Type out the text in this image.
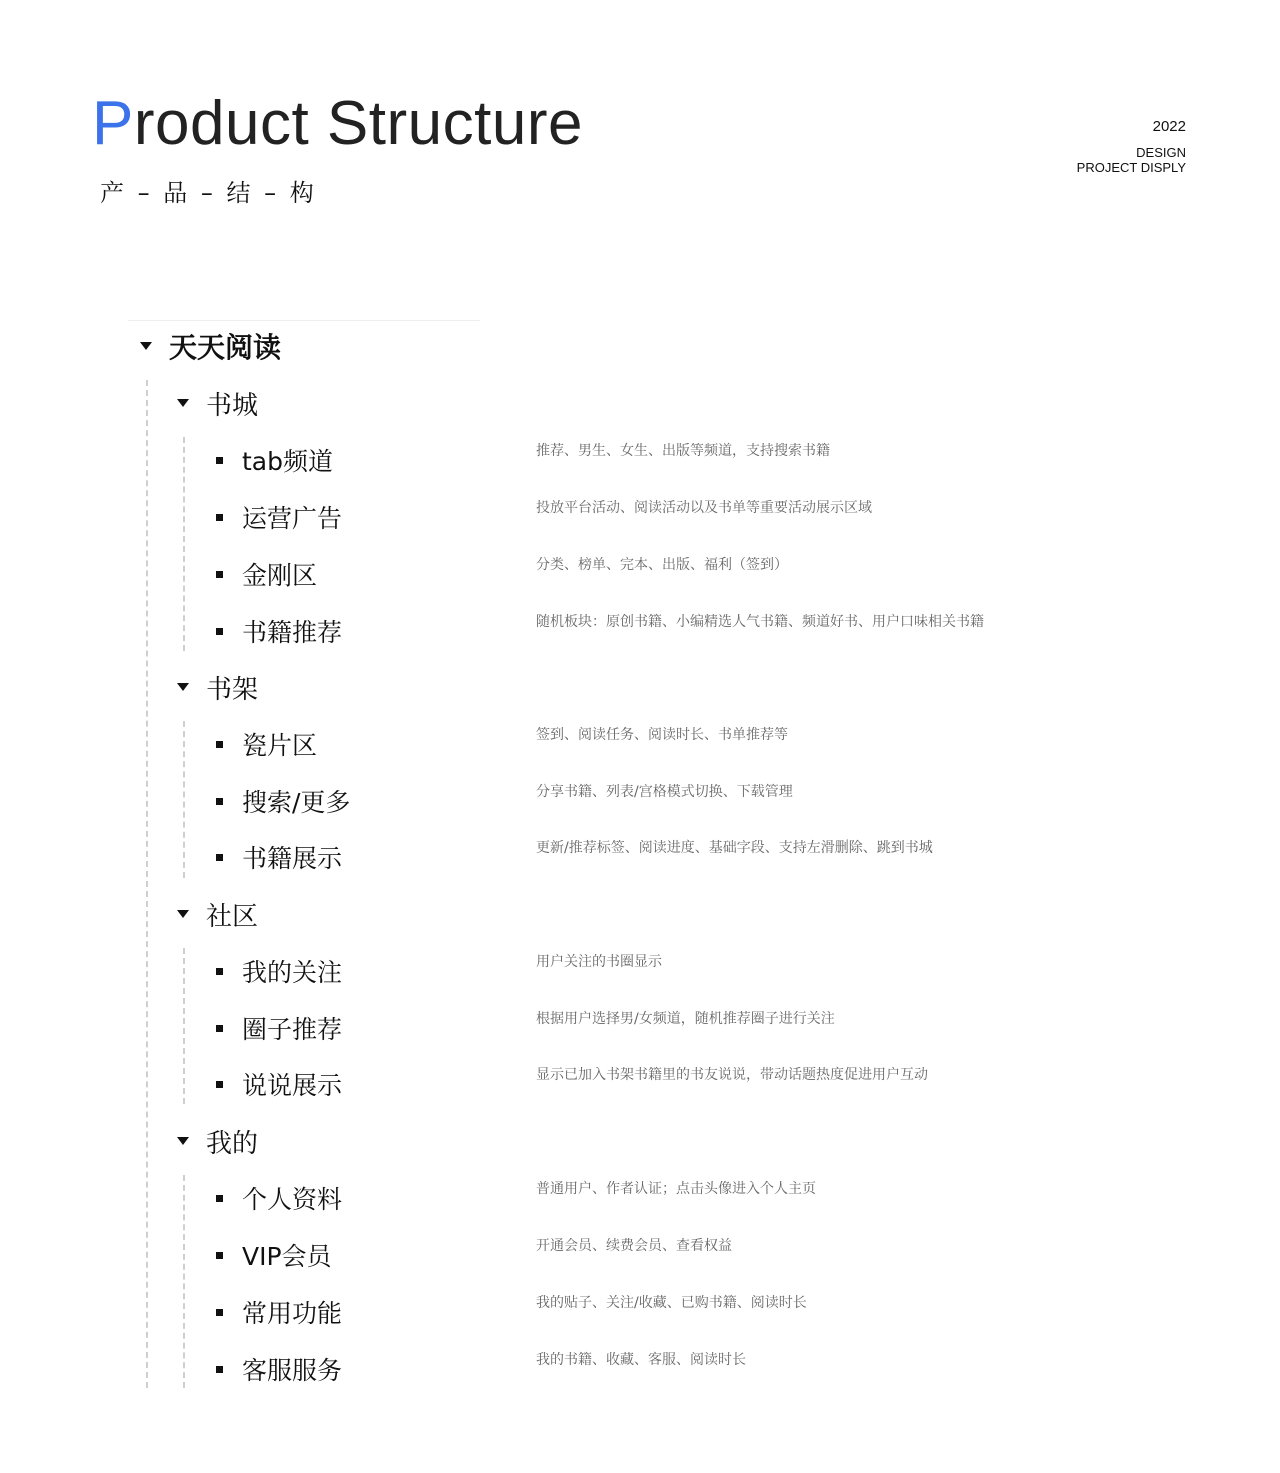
Product Structure

产 – 品 – 结 – 构

2022
DESIGN
PROJECT DISPLY
天天阅读
书城
tab频道	推荐、男生、女生、出版等频道，支持搜索书籍
运营广告	投放平台活动、阅读活动以及书单等重要活动展示区域
金刚区	分类、榜单、完本、出版、福利（签到）
书籍推荐	随机板块：原创书籍、小编精选人气书籍、频道好书、用户口味相关书籍
书架
瓷片区	签到、阅读任务、阅读时长、书单推荐等
搜索/更多	分享书籍、列表/宫格模式切换、下载管理
书籍展示	更新/推荐标签、阅读进度、基础字段、支持左滑删除、跳到书城
社区
我的关注	用户关注的书圈显示
圈子推荐	根据用户选择男/女频道，随机推荐圈子进行关注
说说展示	显示已加入书架书籍里的书友说说，带动话题热度促进用户互动
我的
个人资料	普通用户、作者认证；点击头像进入个人主页
VIP会员	开通会员、续费会员、查看权益
常用功能	我的贴子、关注/收藏、已购书籍、阅读时长
客服服务	我的书籍、收藏、客服、阅读时长
